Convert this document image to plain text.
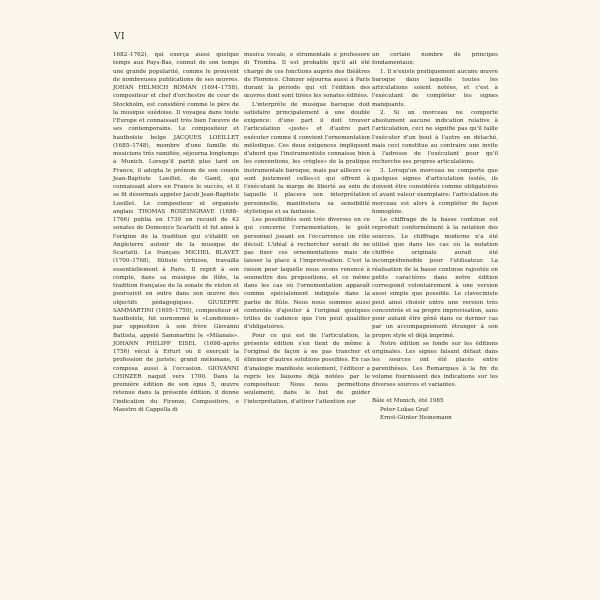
VI

1682–1762), qui exerça aussi quelque temps aux Pays-Bas, connut de son temps une grande popularité, comme le prouvent de nombreuses publications de ses œuvres. JOHAN HELMICH ROMAN (1694–1758), compositeur et chef d'orchestre de cour de Stockholm, est considéré comme le père de la musique suédoise. Il voyagea dans toute l'Europe et connaissait très bien l'œuvre de ses contemporains. Le compositeur et hautboïste belge JACQUES LOEILLET (1685–1748), membre d'une famille de musiciens très ramifiée, séjourna longtemps à Munich. Lorsqu'il partit plus tard en France, il adopta le prénom de son cousin Jean-Baptiste Loeillet, de Gand, qui connaissait alors en France le succès, et il se fit désormais appeler Jacob Jean-Baptiste Loeillet. Le compositeur et organiste anglais THOMAS ROSEINGRAVE (1688–1766) publia en 1739 un recueil de 42 sonates de Domenico Scarlatti et fut ainsi à l'origine de la tradition qui s'établit en Angleterre autour de la musique de Scarlatti. Le français MICHEL BLAVET (1700–1768), flûtiste virtuose, travailla essentiellement à Paris. Il reprit à son compte, dans sa musique de flûte, la tradition française de la sonate de violon et poursuivit en outre dans son œuvre des objectifs pédagogiques. GIUSEPPE SAMMARTINI (1695–1750), compositeur et hautboïste, fut surnommé le «Londonien» par opposition à son frère Giovanni Battista, appelé Sammartini le «Milanais». JOHANN PHILIPP EISEL (1698–après 1756) vécut à Erfurt où il exerçait la profession de juriste; grand mélomane, il composa aussi à l'occasion. GIOVANNI CHINZER naquit vers 1700. Dans la première édition de son opus 5, œuvre retenue dans la présente édition, il donne l'indication du Firenze, Compositore, e Maestro di Cappella di

musica vocale, e strumentale e professore di Tromba. Il est probable qu'il ait été chargé de ces fonctions auprès des théâtres de Florence. Chinzer séjourna aussi à Paris durant la période qui vit l'édition des œuvres dont sont tirées les sonates éditées.

L'interprète de musique baroque doit satisfaire principalement à une double exigence: d'une part il doit trouver l'articulation «juste» et d'autre part exécuter comme il convient l'ornementation mélodique. Ces deux exigences impliquent d'abord que l'instrumentiste connaisse bien les conventions, les «règles» de la pratique instrumentale baroque, mais par ailleurs ce sont justement celles-ci qui offrent à l'exécutant la marge de liberté au sein de laquelle il placera son interprétation personnelle, manifestera sa sensibilité stylistique et sa fantaisie.

Les possibilités sont très diverses en ce qui concerne l'ornementation, le goût personnel jouant en l'occurrence un rôle décisif. L'idéal à rechercher serait de ne pas fixer ces ornementations mais de laisser la place à l'improvisation. C'est la raison pour laquelle nous avons renoncé à soumettre des propositions, et ce même dans les cas où l'ornementation apparaît comme spécialement indiquée dans la partie de flûte. Nous nous sommes aussi contentés d'ajouter à l'original quelques trilles de cadence que l'on peut qualifier d'obligatoires.

Pour ce qui est de l'articulation, la présente édition s'en tient de même à l'original de façon à ne pas trancher et éliminer d'autres solutions possibles. En cas d'analogie manifeste seulement, l'éditeur a repris les liaisons déjà notées par le compositeur. Nous nous permettons seulement, dans le but de guider l'interprétation, d'attirer l'attention sur

un certain nombre de principes fondamentaux:

1. Il n'existe pratiquement aucune œuvre baroque dans laquelle toutes les articulations soient notées, et c'est à l'exécutant de compléter les signes manquants.

2. Si un morceau ne comporte absolument aucune indication relative à l'articulation, ceci ne signifie pas qu'il faille l'exécuter d'un bout à l'autre en détaché, mais ceci constitue au contraire une invite à l'adresse de l'exécutant pour qu'il recherche ses propres articulations.

3. Lorsqu'un morceau ne comporte que quelques signes d'articulation isolés, ils doivent être considérés comme obligatoires et avant valeur exemplaire: l'articulation du morceau est alors à compléter de façon homogène.

Le chiffrage de la basse continue est reproduit conformément à la notation des sources. Le chiffrage moderne n'a été utilisé que dans les cas où la notation chiffrée originale aurait été incompréhensible pour l'utilisateur. La réalisation de la basse continue rajoutée en petits caractères dans notre édition correspond volontairement à une version aussi simple que possible. Le claveciniste peut ainsi choisir entre une version très concentrée et sa propre improvisation, sans pour autant être gêné dans ce dernier cas par un accompagnement étranger à son propre style et déjà imprimé.

Notre édition se fonde sur les éditions originales. Les signes faisant défaut dans les sources ont été placés entre parenthèses. Les Remarques à la fin du volume fournissent des indications sur les diverses sources et variantes.

Bâle et Munich, été 1985

Peter-Lukas Graf

Ernst-Günter Heinemann
